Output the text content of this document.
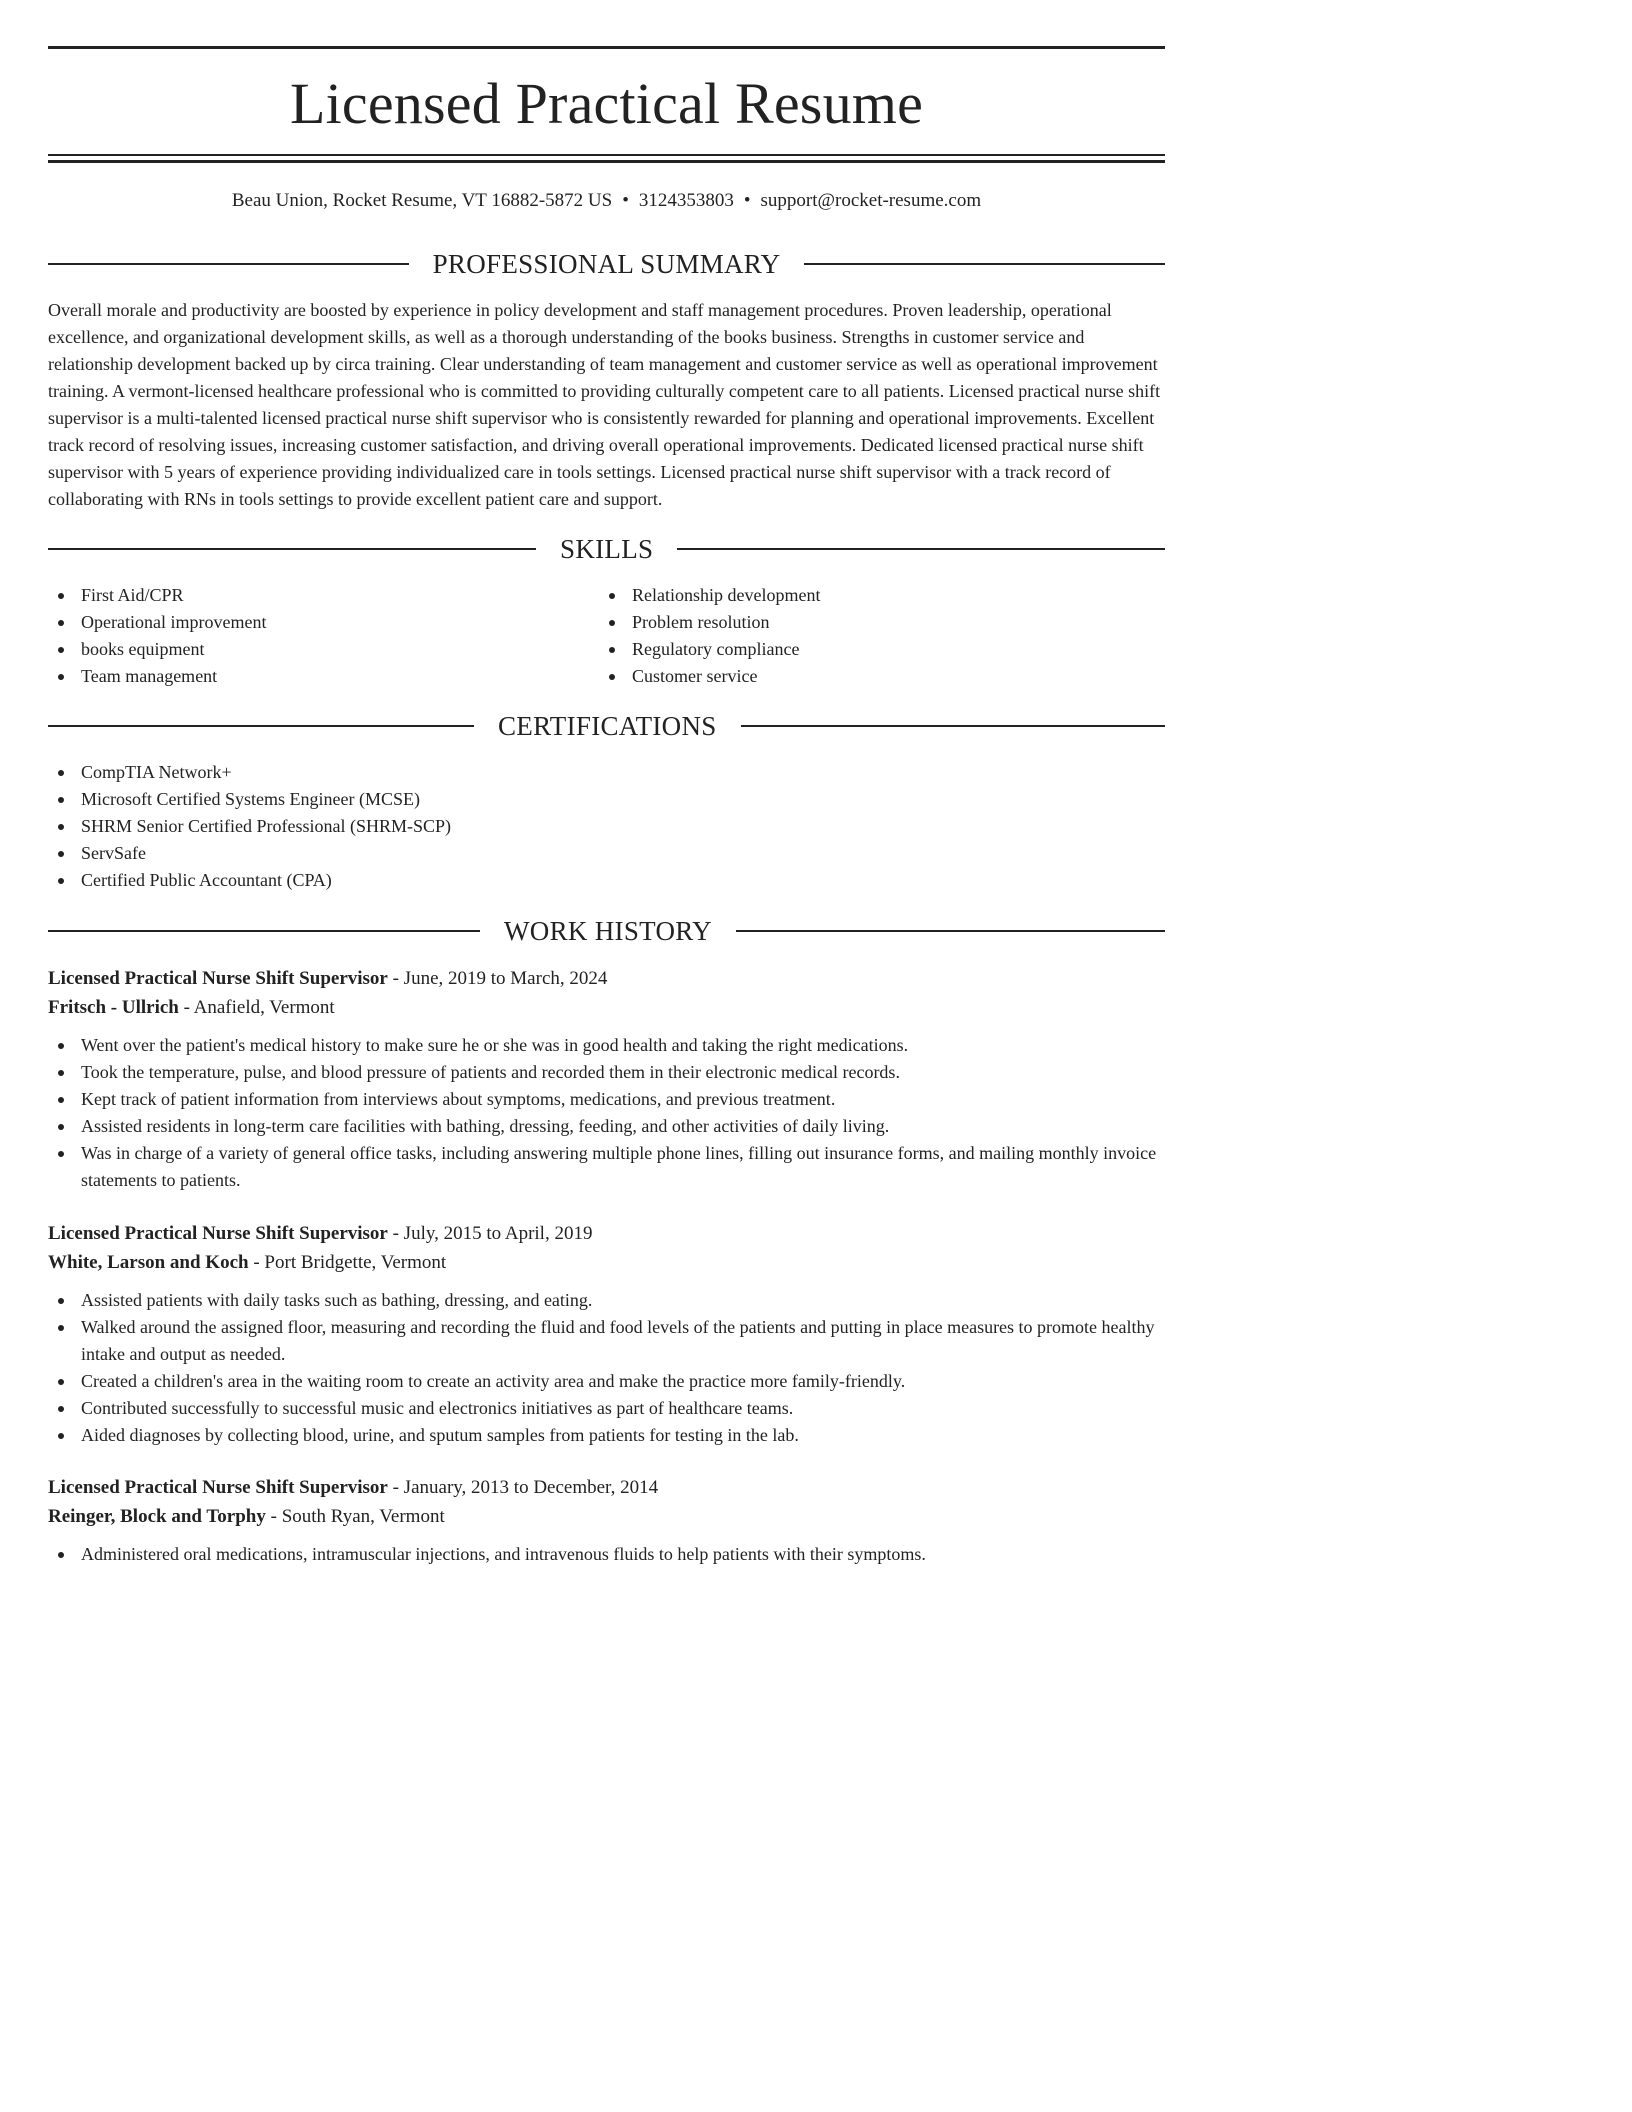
Licensed Practical Resume
Beau Union, Rocket Resume, VT 16882-5872 US • 3124353803 • support@rocket-resume.com
PROFESSIONAL SUMMARY

Overall morale and productivity are boosted by experience in policy development and staff management procedures. Proven leadership, operational excellence, and organizational development skills, as well as a thorough understanding of the books business. Strengths in customer service and relationship development backed up by circa training. Clear understanding of team management and customer service as well as operational improvement training. A vermont-licensed healthcare professional who is committed to providing culturally competent care to all patients. Licensed practical nurse shift supervisor is a multi-talented licensed practical nurse shift supervisor who is consistently rewarded for planning and operational improvements. Excellent track record of resolving issues, increasing customer satisfaction, and driving overall operational improvements. Dedicated licensed practical nurse shift supervisor with 5 years of experience providing individualized care in tools settings. Licensed practical nurse shift supervisor with a track record of collaborating with RNs in tools settings to provide excellent patient care and support.

SKILLS
First Aid/CPR
Operational improvement
books equipment
Team management
Relationship development
Problem resolution
Regulatory compliance
Customer service
CERTIFICATIONS
CompTIA Network+
Microsoft Certified Systems Engineer (MCSE)
SHRM Senior Certified Professional (SHRM-SCP)
ServSafe
Certified Public Accountant (CPA)
WORK HISTORY

Licensed Practical Nurse Shift Supervisor - June, 2019 to March, 2024

Fritsch - Ullrich - Anafield, Vermont

Went over the patient's medical history to make sure he or she was in good health and taking the right medications.
Took the temperature, pulse, and blood pressure of patients and recorded them in their electronic medical records.
Kept track of patient information from interviews about symptoms, medications, and previous treatment.
Assisted residents in long-term care facilities with bathing, dressing, feeding, and other activities of daily living.
Was in charge of a variety of general office tasks, including answering multiple phone lines, filling out insurance forms, and mailing monthly invoice statements to patients.

Licensed Practical Nurse Shift Supervisor - July, 2015 to April, 2019

White, Larson and Koch - Port Bridgette, Vermont

Assisted patients with daily tasks such as bathing, dressing, and eating.
Walked around the assigned floor, measuring and recording the fluid and food levels of the patients and putting in place measures to promote healthy intake and output as needed.
Created a children's area in the waiting room to create an activity area and make the practice more family-friendly.
Contributed successfully to successful music and electronics initiatives as part of healthcare teams.
Aided diagnoses by collecting blood, urine, and sputum samples from patients for testing in the lab.

Licensed Practical Nurse Shift Supervisor - January, 2013 to December, 2014

Reinger, Block and Torphy - South Ryan, Vermont

Administered oral medications, intramuscular injections, and intravenous fluids to help patients with their symptoms.
